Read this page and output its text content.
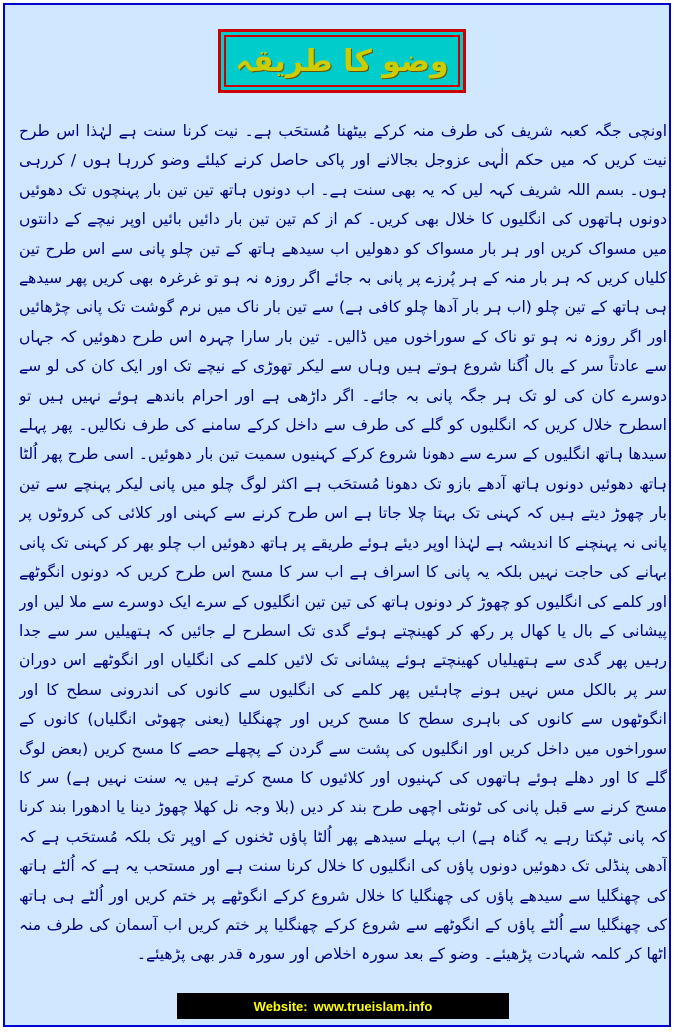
وضو کا طریقہ

اونچی جگہ کعبہ شریف کی طرف منہ کرکے بیٹھنا مُستحَب ہے۔ نیت کرنا سنت ہے لہٰذا اس طرح نیت کریں کہ میں حکم الٰہی عزوجل بجالانے اور پاکی حاصل کرنے کیلئے وضو کررہا ہوں / کررہی ہوں۔ بسم اللہ شریف کہہ لیں کہ یہ بھی سنت ہے۔ اب دونوں ہاتھ تین تین بار پہنچوں تک دھوئیں دونوں ہاتھوں کی انگلیوں کا خلال بھی کریں۔ کم از کم تین تین بار دائیں بائیں اوپر نیچے کے دانتوں میں مسواک کریں اور ہر بار مسواک کو دھولیں اب سیدھے ہاتھ کے تین چلو پانی سے اس طرح تین کلیاں کریں کہ ہر بار منہ کے ہر پُرزے پر پانی بہ جائے اگر روزہ نہ ہو تو غرغرہ بھی کریں پھر سیدھے ہی ہاتھ کے تین چلو (اب ہر بار آدھا چلو کافی ہے) سے تین بار ناک میں نرم گوشت تک پانی چڑھائیں اور اگر روزہ نہ ہو تو ناک کے سوراخوں میں ڈالیں۔ تین بار سارا چہرہ اس طرح دھوئیں کہ جہاں سے عادتاً سر کے بال اُگنا شروع ہوتے ہیں وہاں سے لیکر تھوڑی کے نیچے تک اور ایک کان کی لو سے دوسرے کان کی لو تک ہر جگہ پانی بہ جائے۔ اگر داڑھی ہے اور احرام باندھے ہوئے نہیں ہیں تو اسطرح خلال کریں کہ انگلیوں کو گلے کی طرف سے داخل کرکے سامنے کی طرف نکالیں۔ پھر پہلے سیدھا ہاتھ انگلیوں کے سرے سے دھونا شروع کرکے کہنیوں سمیت تین بار دھوئیں۔ اسی طرح پھر اُلٹا ہاتھ دھوئیں دونوں ہاتھ آدھے بازو تک دھونا مُستحَب ہے اکثر لوگ چلو میں پانی لیکر پہنچے سے تین بار چھوڑ دیتے ہیں کہ کہنی تک بہتا چلا جاتا ہے اس طرح کرنے سے کہنی اور کلائی کی کروٹوں پر پانی نہ پہنچنے کا اندیشہ ہے لہٰذا اوپر دیئے ہوئے طریقے پر ہاتھ دھوئیں اب چلو بھر کر کہنی تک پانی بہانے کی حاجت نہیں بلکہ یہ پانی کا اسراف ہے اب سر کا مسح اس طرح کریں کہ دونوں انگوٹھے اور کلمے کی انگلیوں کو چھوڑ کر دونوں ہاتھ کی تین تین انگلیوں کے سرے ایک دوسرے سے ملا لیں اور پیشانی کے بال یا کھال پر رکھ کر کھینچتے ہوئے گدی تک اسطرح لے جائیں کہ ہتھیلیں سر سے جدا رہیں پھر گدی سے ہتھیلیاں کھینچتے ہوئے پیشانی تک لائیں کلمے کی انگلیاں اور انگوٹھے اس دوران سر پر بالکل مس نہیں ہونے چاہئیں پھر کلمے کی انگلیوں سے کانوں کی اندرونی سطح کا اور انگوٹھوں سے کانوں کی باہری سطح کا مسح کریں اور چھنگلیا (یعنی چھوٹی انگلیاں) کانوں کے سوراخوں میں داخل کریں اور انگلیوں کی پشت سے گردن کے پچھلے حصے کا مسح کریں (بعض لوگ گلے کا اور دھلے ہوئے ہاتھوں کی کہنیوں اور کلائیوں کا مسح کرتے ہیں یہ سنت نہیں ہے) سر کا مسح کرنے سے قبل پانی کی ٹونٹی اچھی طرح بند کر دیں (بلا وجہ نل کھلا چھوڑ دینا یا ادھورا بند کرنا کہ پانی ٹپکتا رہے یہ گناہ ہے) اب پہلے سیدھے پھر اُلٹا پاؤں ٹخنوں کے اوپر تک بلکہ مُستحَب ہے کہ آدھی پنڈلی تک دھوئیں دونوں پاؤں کی انگلیوں کا خلال کرنا سنت ہے اور مستحب یہ ہے کہ اُلٹے ہاتھ کی چھنگلیا سے سیدھے پاؤں کی چھنگلیا کا خلال شروع کرکے انگوٹھے پر ختم کریں اور اُلٹے ہی ہاتھ کی چھنگلیا سے اُلٹے پاؤں کے انگوٹھے سے شروع کرکے چھنگلیا پر ختم کریں اب آسمان کی طرف منہ اٹھا کر کلمہ شہادت پڑھیئے۔ وضو کے بعد سورہ اخلاص اور سورہ قدر بھی پڑھیئے۔

Website: www.trueislam.info
